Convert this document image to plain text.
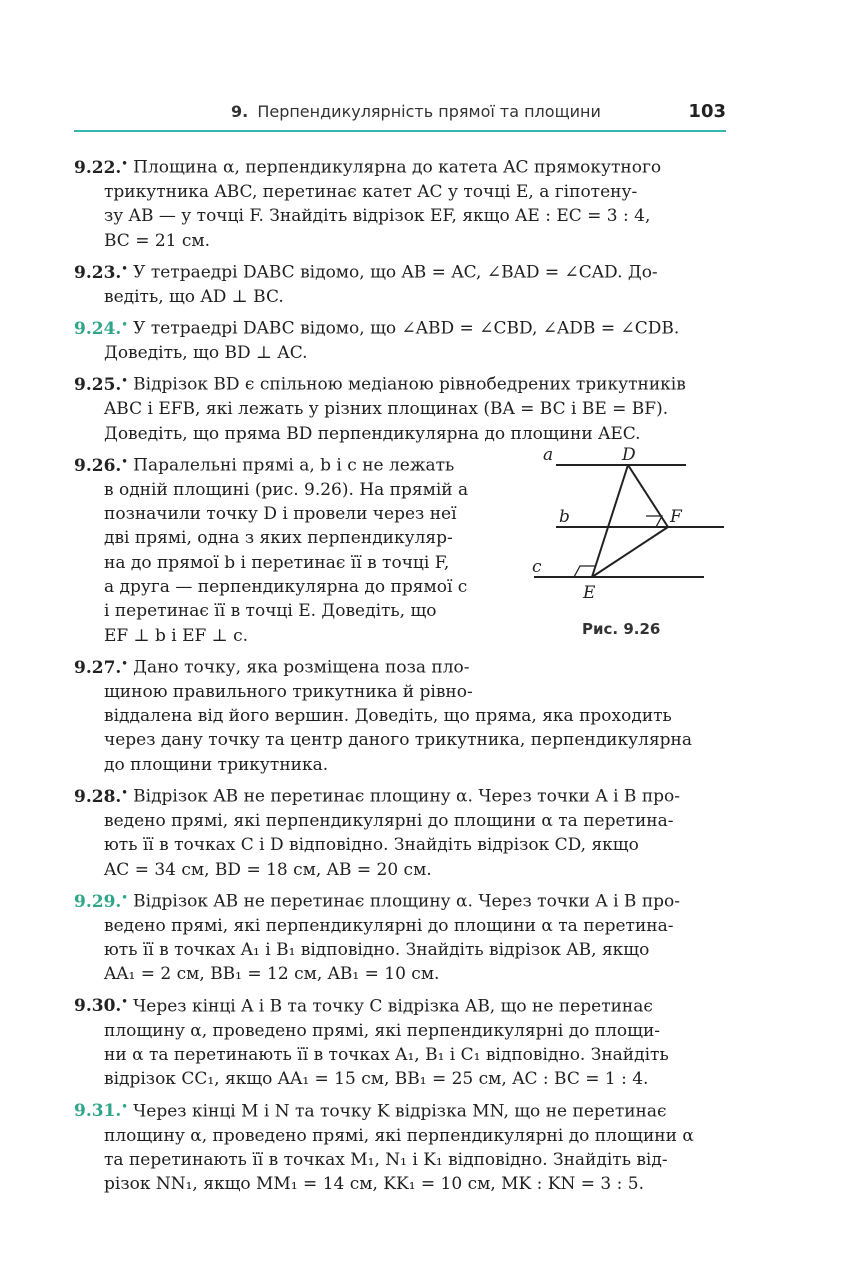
9. Перпендикулярність прямої та площини	103
9.22.• Площина α, перпендикулярна до катета AC прямокутного
трикутника ABC, перетинає катет AC у точці E, а гіпотену-
зу AB — у точці F. Знайдіть відрізок EF, якщо AE : EC = 3 : 4,
BC = 21 см.
9.23.• У тетраедрі DABC відомо, що AB = AC, ∠BAD = ∠CAD. До-
ведіть, що AD ⊥ BC.
9.24.• У тетраедрі DABC відомо, що ∠ABD = ∠CBD, ∠ADB = ∠CDB.
Доведіть, що BD ⊥ AC.
9.25.• Відрізок BD є спільною медіаною рівнобедрених трикутників
ABC і EFB, які лежать у різних площинах (BA = BC і BE = BF).
Доведіть, що пряма BD перпендикулярна до площини AEC.
9.26.• Паралельні прямі a, b і c не лежать
в одній площині (рис. 9.26). На прямій a
позначили точку D і провели через неї
дві прямі, одна з яких перпендикуляр-
на до прямої b і перетинає її в точці F,
а друга — перпендикулярна до прямої c
і перетинає її в точці E. Доведіть, що
EF ⊥ b і EF ⊥ c.
9.27.• Дано точку, яка розміщена поза пло-
щиною правильного трикутника й рівно-
віддалена від його вершин. Доведіть, що пряма, яка проходить
через дану точку та центр даного трикутника, перпендикулярна
до площини трикутника.
9.28.• Відрізок AB не перетинає площину α. Через точки A і B про-
ведено прямі, які перпендикулярні до площини α та перетина-
ють її в точках C і D відповідно. Знайдіть відрізок CD, якщо
AC = 34 см, BD = 18 см, AB = 20 см.
9.29.• Відрізок AB не перетинає площину α. Через точки A і B про-
ведено прямі, які перпендикулярні до площини α та перетина-
ють її в точках A₁ і B₁ відповідно. Знайдіть відрізок AB, якщо
AA₁ = 2 см, BB₁ = 12 см, AB₁ = 10 см.
9.30.• Через кінці A і B та точку C відрізка AB, що не перетинає
площину α, проведено прямі, які перпендикулярні до площи-
ни α та перетинають її в точках A₁, B₁ і C₁ відповідно. Знайдіть
відрізок CC₁, якщо AA₁ = 15 см, BB₁ = 25 см, AC : BC = 1 : 4.
9.31.• Через кінці M і N та точку K відрізка MN, що не перетинає
площину α, проведено прямі, які перпендикулярні до площини α
та перетинають її в точках M₁, N₁ і K₁ відповідно. Знайдіть від-
різок NN₁, якщо MM₁ = 14 см, KK₁ = 10 см, MK : KN = 3 : 5.
a	D
b	F
c
E
Рис. 9.26
